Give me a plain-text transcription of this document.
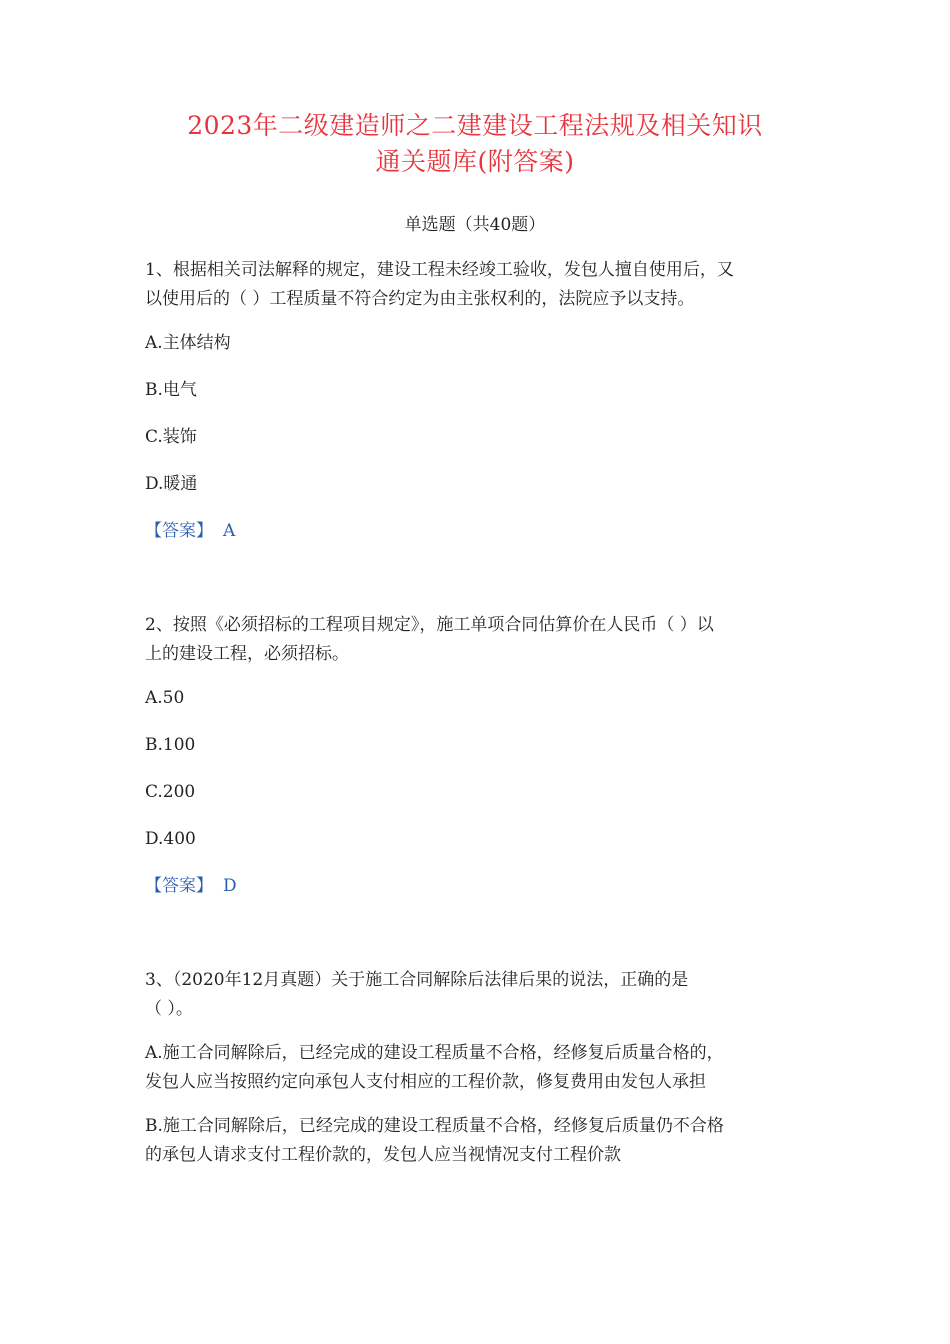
2023年二级建造师之二建建设工程法规及相关知识
通关题库(附答案)
单选题（共40题）

1、根据相关司法解释的规定，建设工程未经竣工验收，发包人擅自使用后，又

以使用后的（ ）工程质量不符合约定为由主张权利的，法院应予以支持。

A.主体结构

B.电气

C.装饰

D.暖通

【答案】 A

2、按照《必须招标的工程项目规定》，施工单项合同估算价在人民币（ ）以

上的建设工程，必须招标。

A.50

B.100

C.200

D.400

【答案】 D

3、（2020年12月真题）关于施工合同解除后法律后果的说法，正确的是

（ ）。

A.施工合同解除后，已经完成的建设工程质量不合格，经修复后质量合格的，

发包人应当按照约定向承包人支付相应的工程价款，修复费用由发包人承担

B.施工合同解除后，已经完成的建设工程质量不合格，经修复后质量仍不合格

的承包人请求支付工程价款的，发包人应当视情况支付工程价款
